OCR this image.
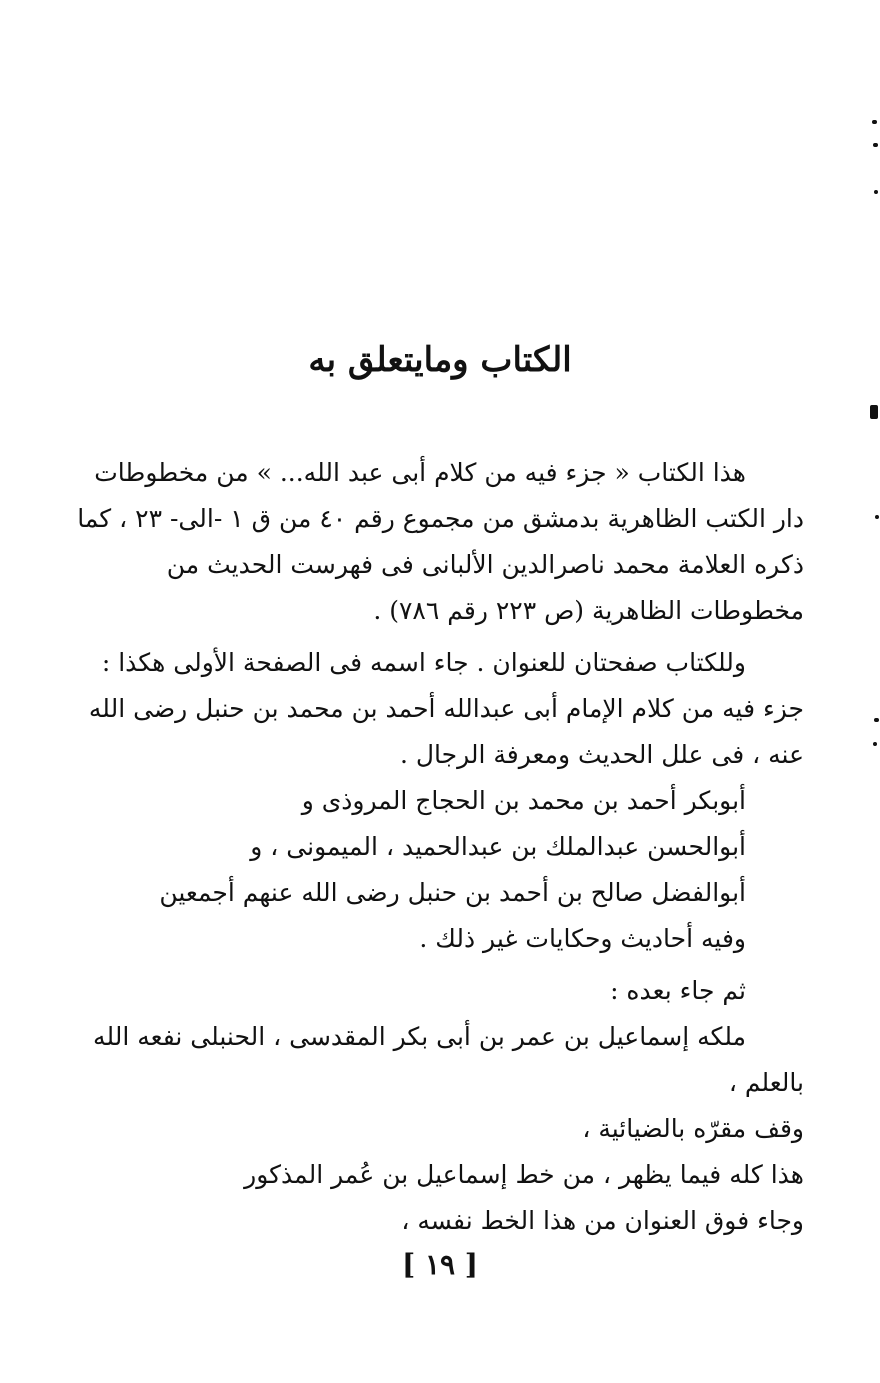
الكتاب ومايتعلق به
هذا الكتاب « جزء فيه من كلام أبى عبد الله... » من مخطوطات
دار الكتب الظاهرية بدمشق من مجموع رقم ٤٠ من ق ١ -الى- ٢٣ ، كما
ذكره العلامة محمد ناصرالدين الألبانى فى فهرست الحديث من
مخطوطات الظاهرية (ص ٢٢٣ رقم ٧٨٦) .
وللكتاب صفحتان للعنوان . جاء اسمه فى الصفحة الأولى هكذا :
جزء فيه من كلام الإمام أبى عبدالله أحمد بن محمد بن حنبل رضى الله
عنه ، فى علل الحديث ومعرفة الرجال .
أبوبكر أحمد بن محمد بن الحجاج المروذى و
أبوالحسن عبدالملك بن عبدالحميد ، الميمونى ، و
أبوالفضل صالح بن أحمد بن حنبل رضى الله عنهم أجمعين
وفيه أحاديث وحكايات غير ذلك .
ثم جاء بعده :
ملكه إسماعيل بن عمر بن أبى بكر المقدسى ، الحنبلى نفعه الله
بالعلم ،
وقف مقرّه بالضيائية ،
هذا كله فيما يظهر ، من خط إسماعيل بن عُمر المذكور
وجاء فوق العنوان من هذا الخط نفسه ،
[ ١٩ ]
